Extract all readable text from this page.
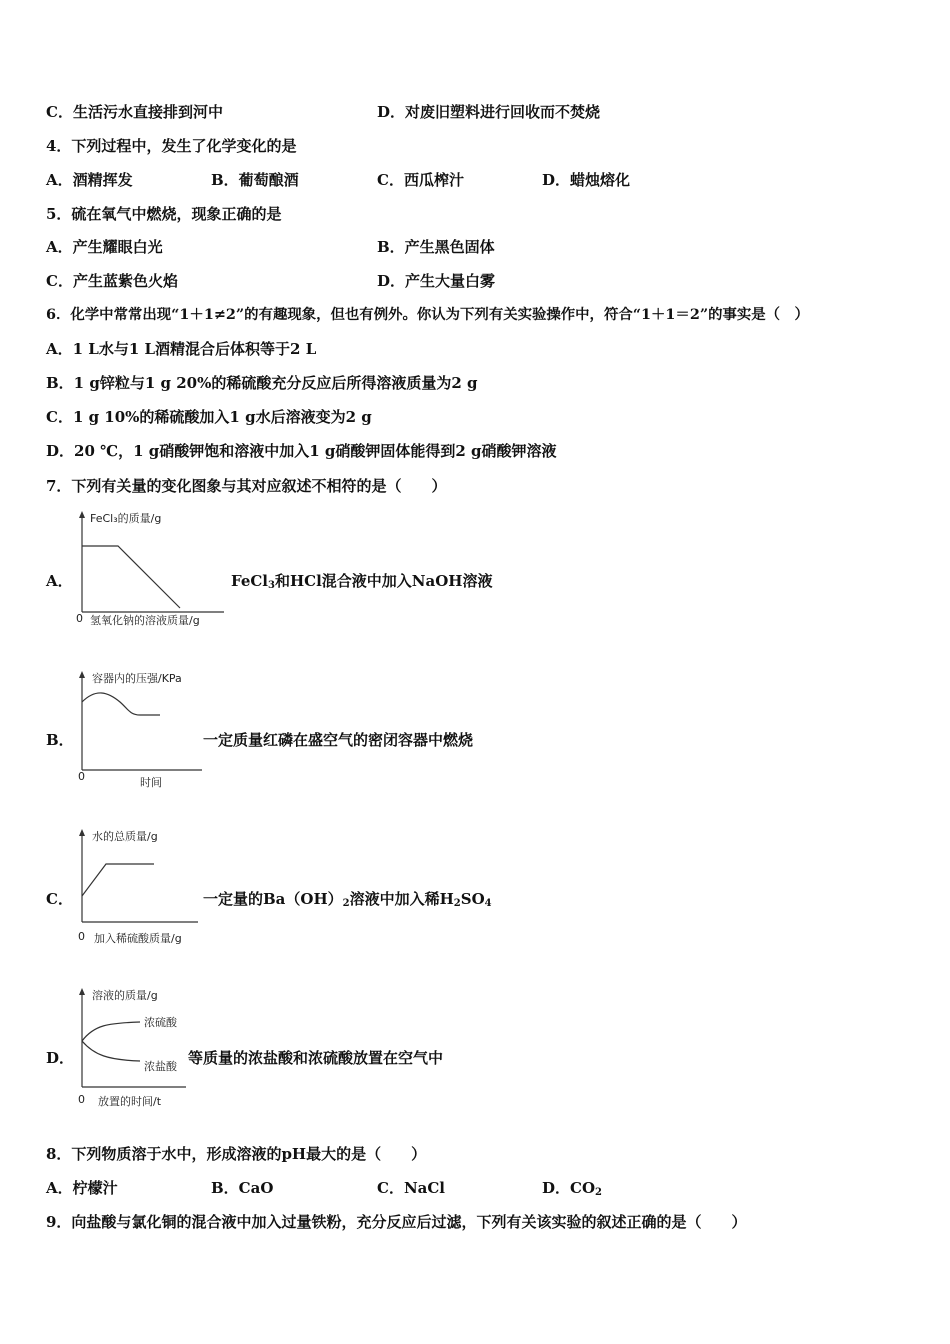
C．生活污水直接排到河中	D．对废旧塑料进行回收而不焚烧
4．下列过程中，发生了化学变化的是
A．酒精挥发	B．葡萄酿酒	C．西瓜榨汁	D．蜡烛熔化
5．硫在氧气中燃烧，现象正确的是
A．产生耀眼白光	B．产生黑色固体
C．产生蓝紫色火焰	D．产生大量白雾
6．化学中常常出现“1＋1≠2”的有趣现象，但也有例外。你认为下列有关实验操作中，符合“1＋1＝2”的事实是（　）
A．1 L水与1 L酒精混合后体积等于2 L
B．1 g锌粒与1 g 20%的稀硫酸充分反应后所得溶液质量为2 g
C．1 g 10%的稀硫酸加入1 g水后溶液变为2 g
D．20 ℃，1 g硝酸钾饱和溶液中加入1 g硝酸钾固体能得到2 g硝酸钾溶液
7．下列有关量的变化图象与其对应叙述不相符的是（　　）
A．
FeCl₃的质量/g
0 氢氧化钠的溶液质量/g
FeCl$_3$和HCl混合液中加入NaOH溶液
B．
容器内的压强/KPa
0	时间
一定质量红磷在盛空气的密闭容器中燃烧
C．
水的总质量/g
0 加入稀硫酸质量/g
一定量的$Ba(OH)_2$溶液中加入稀$H_2SO_4$
D．
溶液的质量/g
浓硫酸
浓盐酸
0 放置的时间/t
等质量的浓盐酸和浓硫酸放置在空气中
8．下列物质溶于水中，形成溶液的pH最大的是（　　）
A．柠檬汁	B．CaO	C．NaCl	D．$CO_2$
9．向盐酸与氯化铜的混合液中加入过量铁粉，充分反应后过滤，下列有关该实验的叙述正确的是（　　）
